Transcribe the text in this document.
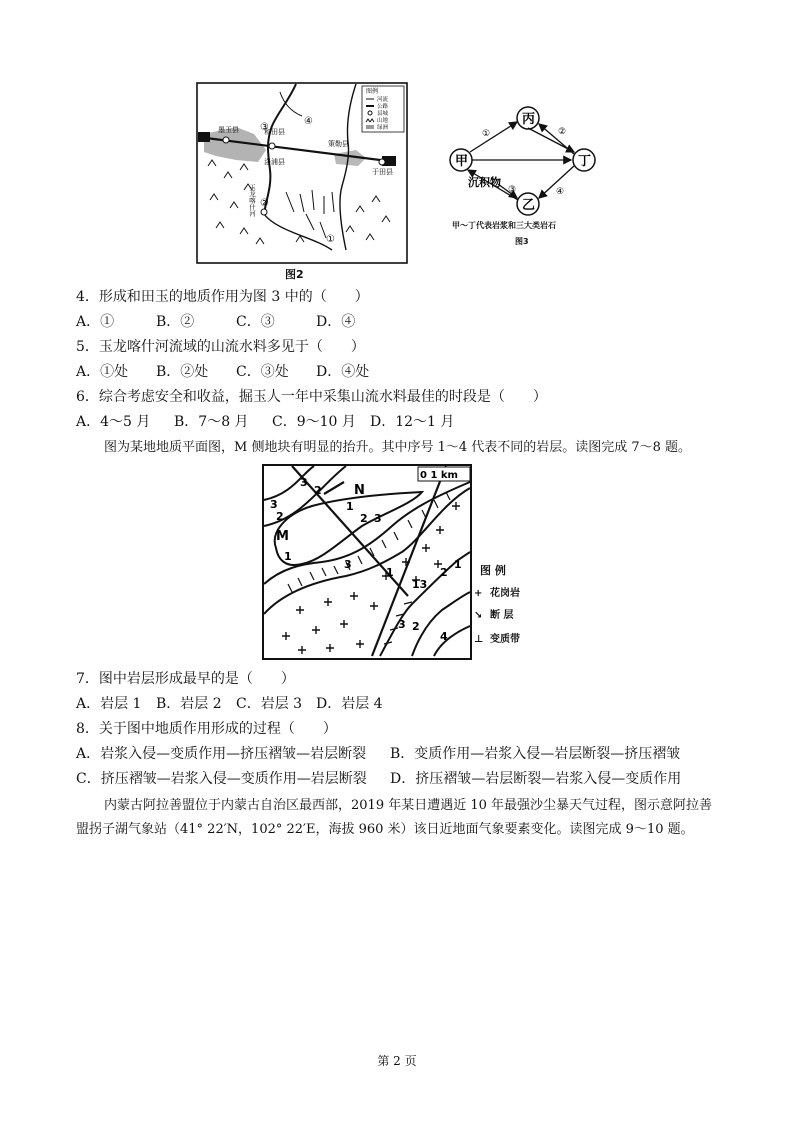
墨玉县	和田县
洛浦县
策勒县
于田县
玉龙喀什河
①
②
③
④
图例
河流
公路
县城
山地
绿洲
图2
丙
甲	丁
乙
沉积物
①	②
③	④
甲～丁代表岩浆和三大类岩石
图3
4．形成和田玉的地质作用为图 3 中的（　　）
A．①	B．②	C．③	D．④
5．玉龙喀什河流域的山流水料多见于（　　）
A．①处 B．②处 C．③处 D．④处
6．综合考虑安全和收益，掘玉人一年中采集山流水料最佳的时段是（　　）
A．4～5 月 B．7～8 月 C．9～10 月 D．12～1 月
图为某地地质平面图，M 侧地块有明显的抬升。其中序号 1～4 代表不同的岩层。读图完成 7～8 题。
0 1 km
N
M
3
2
3
2
1
1
2 3
3
1
13
2
1
3 2
4
图 例
+ 花岗岩
↘ 断 层
⊥ 变质带
7．图中岩层形成最早的是（　　）
A．岩层 1 B．岩层 2 C．岩层 3 D．岩层 4
8．关于图中地质作用形成的过程（　　）
A．岩浆入侵—变质作用—挤压褶皱—岩层断裂 B．变质作用—岩浆入侵—岩层断裂—挤压褶皱
C．挤压褶皱—岩浆入侵—变质作用—岩层断裂 D．挤压褶皱—岩层断裂—岩浆入侵—变质作用
内蒙古阿拉善盟位于内蒙古自治区最西部，2019 年某日遭遇近 10 年最强沙尘暴天气过程，图示意阿拉善盟拐子湖气象站（41° 22′N，102° 22′E，海拔 960 米）该日近地面气象要素变化。读图完成 9～10 题。
第 2 页
